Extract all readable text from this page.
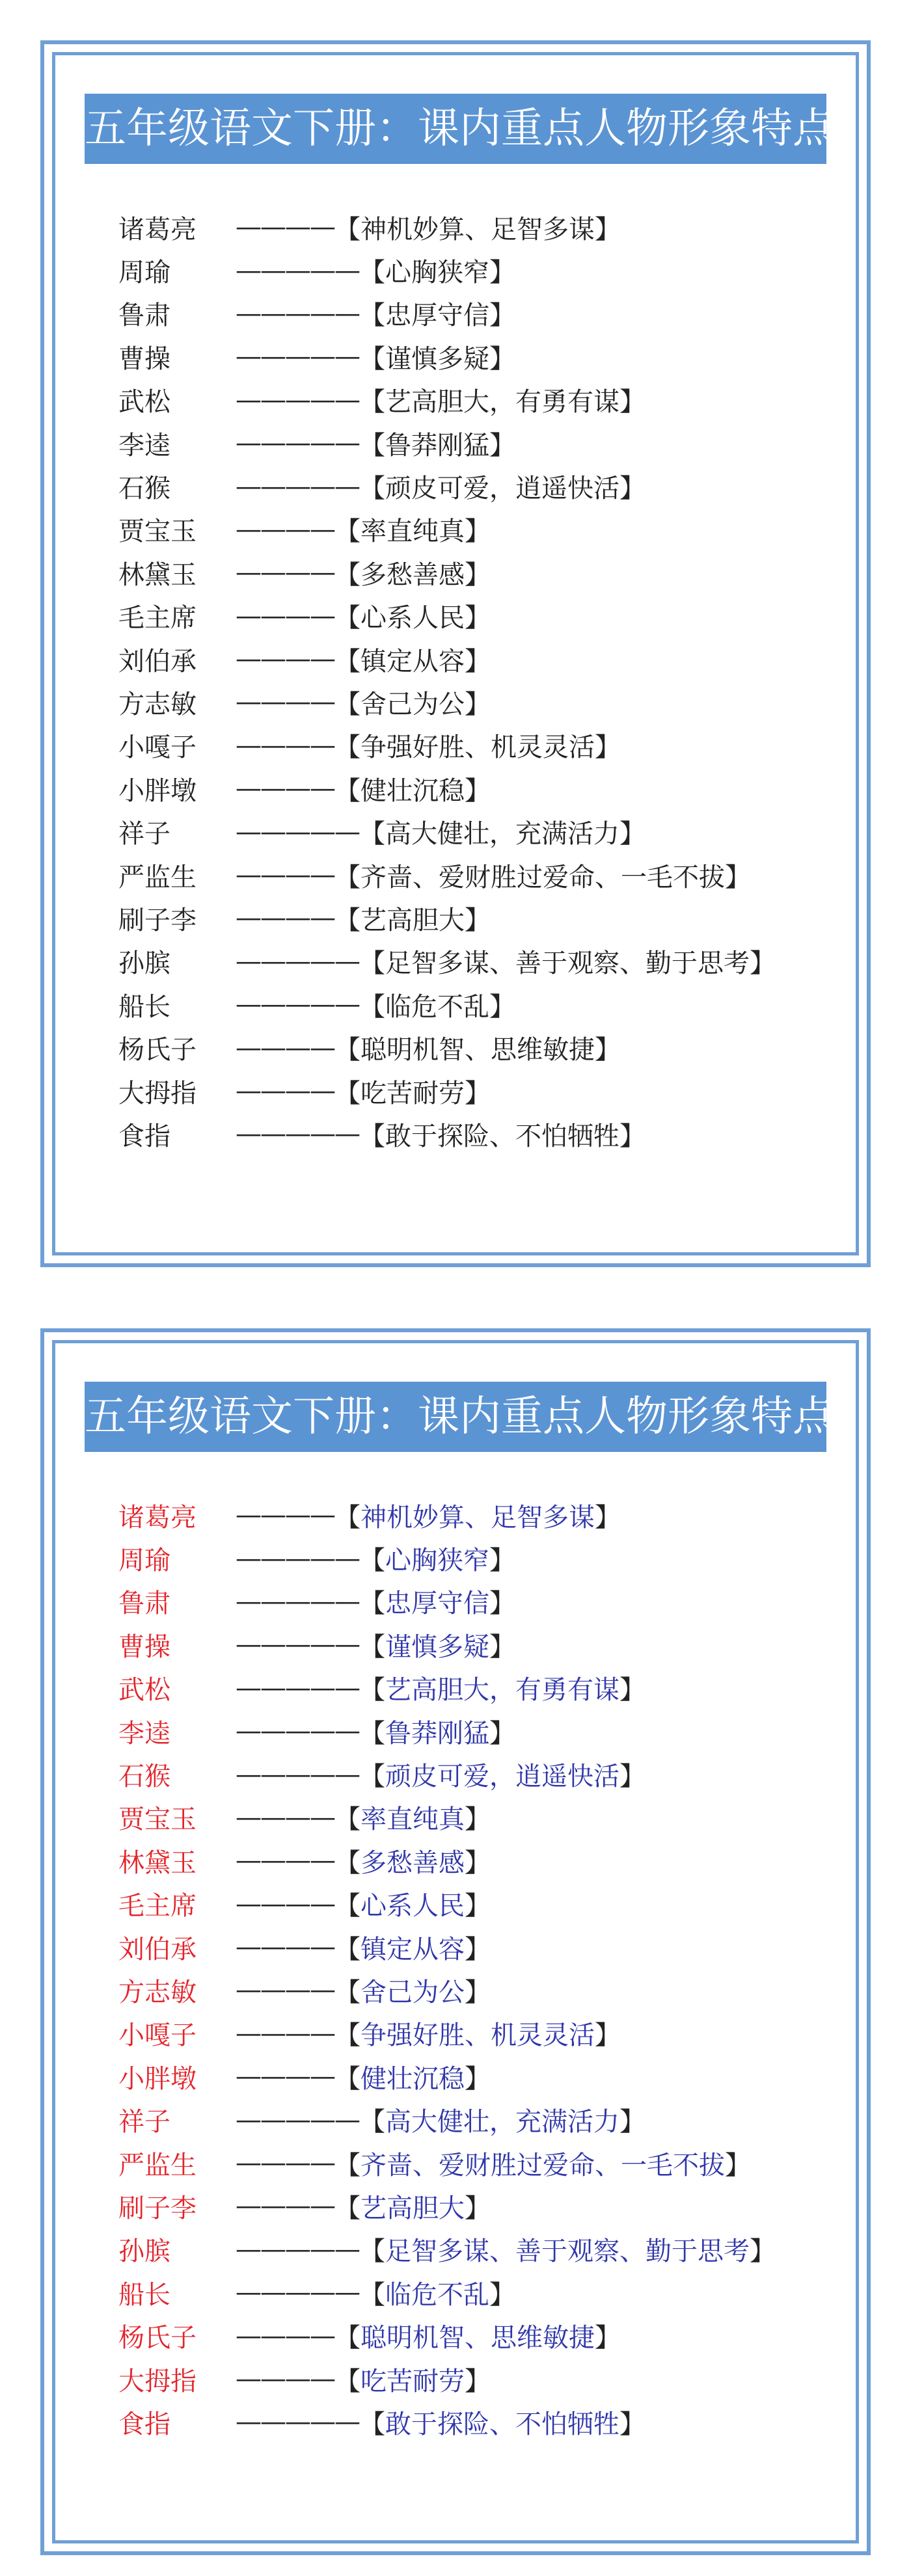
五年级语文下册：课内重点人物形象特点
诸葛亮	———— 【 神机妙算、足智多谋 】
周瑜	————— 【 心胸狭窄 】
鲁肃	————— 【 忠厚守信 】
曹操	————— 【 谨慎多疑 】
武松	————— 【 艺高胆大，有勇有谋 】
李逵	————— 【 鲁莽刚猛 】
石猴	————— 【 顽皮可爱，逍遥快活 】
贾宝玉	———— 【 率直纯真 】
林黛玉	———— 【 多愁善感 】
毛主席	———— 【 心系人民 】
刘伯承	———— 【 镇定从容 】
方志敏	———— 【 舍己为公 】
小嘎子	———— 【 争强好胜、机灵灵活 】
小胖墩	———— 【 健壮沉稳 】
祥子	————— 【 高大健壮，充满活力 】
严监生	———— 【 齐啬、爱财胜过爱命、一毛不拔 】
刷子李	———— 【 艺高胆大 】
孙膑	————— 【 足智多谋、善于观察、勤于思考 】
船长	————— 【 临危不乱 】
杨氏子	———— 【 聪明机智、思维敏捷 】
大拇指	———— 【 吃苦耐劳 】
食指	————— 【 敢于探险、不怕牺牲 】
五年级语文下册：课内重点人物形象特点
诸葛亮	———— 【 神机妙算、足智多谋 】
周瑜	————— 【 心胸狭窄 】
鲁肃	————— 【 忠厚守信 】
曹操	————— 【 谨慎多疑 】
武松	————— 【 艺高胆大，有勇有谋 】
李逵	————— 【 鲁莽刚猛 】
石猴	————— 【 顽皮可爱，逍遥快活 】
贾宝玉	———— 【 率直纯真 】
林黛玉	———— 【 多愁善感 】
毛主席	———— 【 心系人民 】
刘伯承	———— 【 镇定从容 】
方志敏	———— 【 舍己为公 】
小嘎子	———— 【 争强好胜、机灵灵活 】
小胖墩	———— 【 健壮沉稳 】
祥子	————— 【 高大健壮，充满活力 】
严监生	———— 【 齐啬、爱财胜过爱命、一毛不拔 】
刷子李	———— 【 艺高胆大 】
孙膑	————— 【 足智多谋、善于观察、勤于思考 】
船长	————— 【 临危不乱 】
杨氏子	———— 【 聪明机智、思维敏捷 】
大拇指	———— 【 吃苦耐劳 】
食指	————— 【 敢于探险、不怕牺牲 】
